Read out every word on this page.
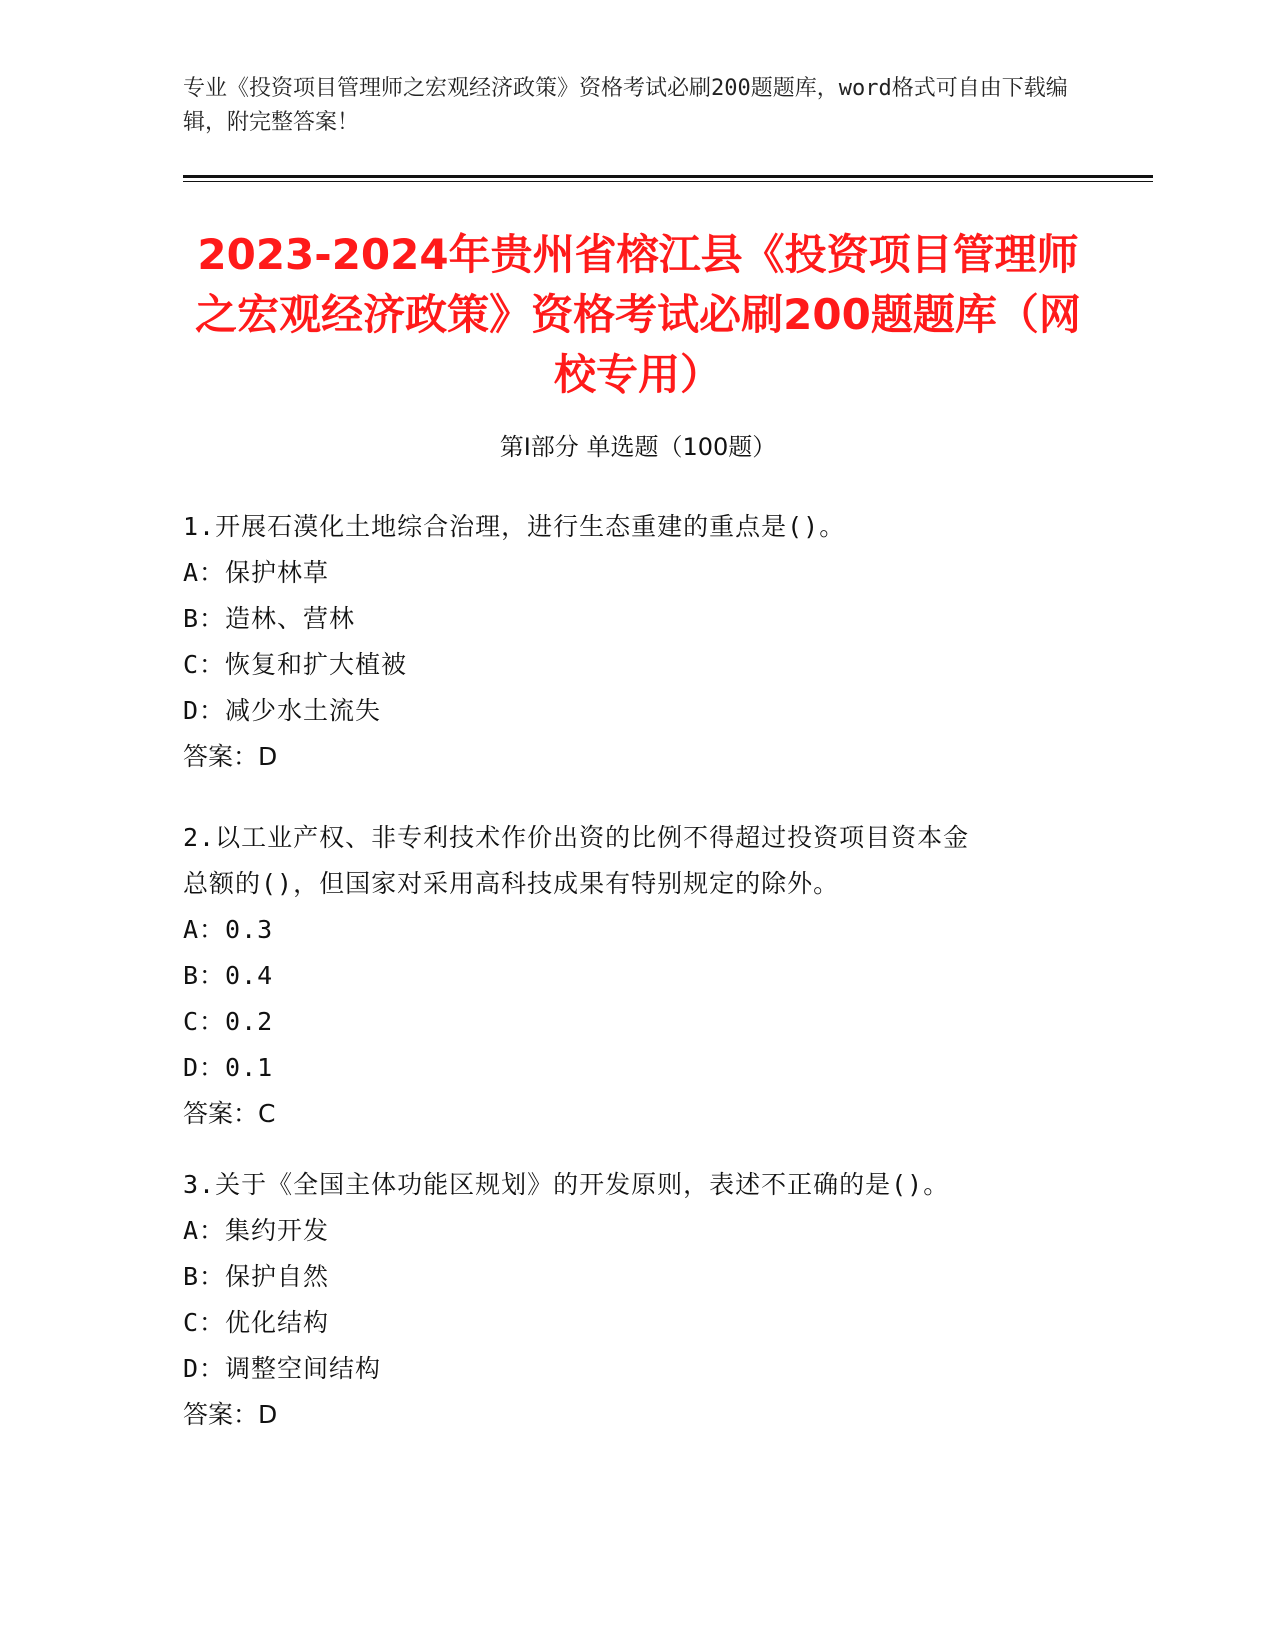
专业《投资项目管理师之宏观经济政策》资格考试必刷200题题库，word格式可自由下载编辑，附完整答案！
2023-2024年贵州省榕江县《投资项目管理师之宏观经济政策》资格考试必刷200题题库（网校专用）
第Ⅰ部分 单选题（100题）
1.开展石漠化土地综合治理，进行生态重建的重点是()。
A：保护林草
B：造林、营林
C：恢复和扩大植被
D：减少水土流失
答案：D
2.以工业产权、非专利技术作价出资的比例不得超过投资项目资本金
总额的()，但国家对采用高科技成果有特别规定的除外。
A：0.3
B：0.4
C：0.2
D：0.1
答案：C
3.关于《全国主体功能区规划》的开发原则，表述不正确的是()。
A：集约开发
B：保护自然
C：优化结构
D：调整空间结构
答案：D
